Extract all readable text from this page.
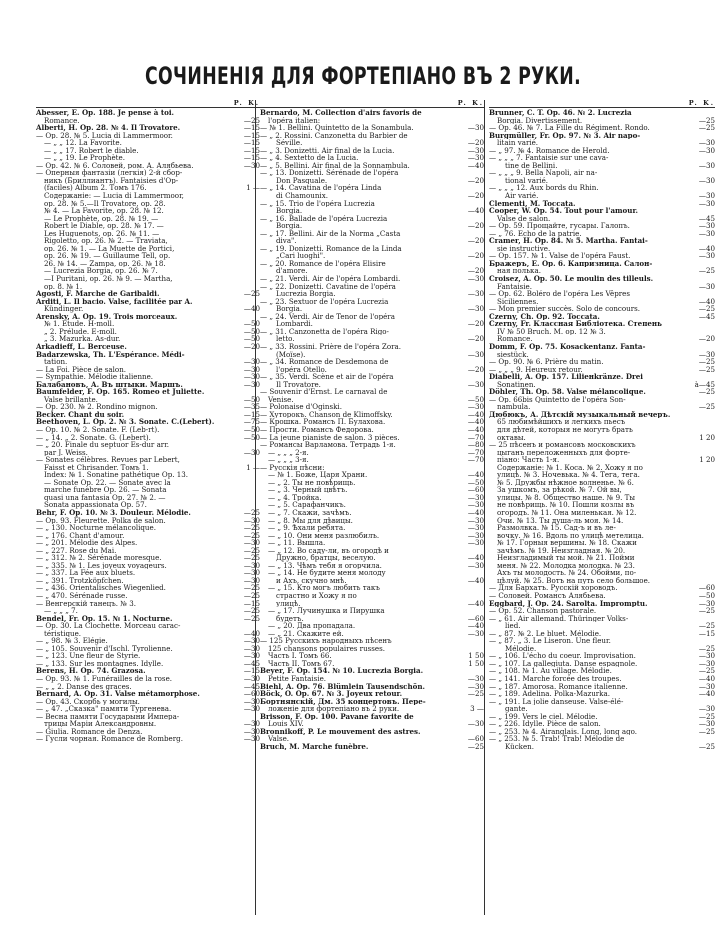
СОЧИНЕНІЯ ДЛЯ ФОРТЕПІАНО ВЪ 2 РУКИ.
P. K.
Abesser, E. Op. 188. Je pense à toi.
Romance.	—25
Alberti, H. Op. 28. № 4. Il Trovatore.	—15
— Op. 28. № 5. Lucia di Lammermoor.	—15
— „ „ 12. La Favorite.	—15
— „ „ 17. Robert le diable.	—15
— „ „ 19. Le Prophète.	—15
— Op. 42. № 6. Соловей, ром. А. Алябьева.	—30
— Оперныя фантазіи (легкія) 2-й сбор-
никъ (Бриллиантъ). Fantaisies d'Op-
(faciles) Album 2. Томъ 176.	1 —
Содержаніе: — Lucia di Lammermoor,
op. 28. № 5.—Il Trovatore, op. 28.
№ 4. — La Favorite, op. 28. № 12.
— Le Prophète, op. 28. № 19. —
Robert le Diable, op. 28. № 17. —
Les Huguenots, op. 26. № 11. —
Rigoletto, op. 26. № 2. — Traviata,
op. 26. № 1. — La Muette de Portici,
op. 26. № 19. — Guillaume Tell, op.
26. № 14. — Zampa, op. 26. № 18.
— Lucrezia Borgia, op. 26. № 7.
—I Puritani, op. 26. № 9. — Martha,
op. 8. № 1.
Agosti, F. Marche de Garibaldi.	—25
Arditi, L. Il bacio. Valse, facilitée par A.
Kündinger.	—40
Arensky, A. Op. 19. Trois morceaux.
№ 1. Étude. H-moll.	—50
„ 2. Prélude. E-moll.	—50
„ 3. Mazurka. As-dur.	—50
Arkadieff, L. Berceuse.	—20
Badarzewska, Th. L'Espérance. Médi-
tation.	—30
— La Foi. Pièce de salon.	—30
— Sympathie. Mélodie italienne.	—30
Балабановъ, А. Въ штыки. Маршъ.	—30
Baumfelder, F. Op. 165. Romeo et Juliette.
Valse brillante.	—50
— Op. 230. № 2. Rondino mignon.	—35
Becker. Chant du soir.	—15
Beethoven, L. Op. 2. № 3. Sonate. C.(Lebert).	—75
— Op. 10. № 2. Sonate. F. (Leb-rt).	—50
— „ 14. „ 2. Sonate. G. (Lebert).	—50
— „ 20. Finale du septuor Es-dur arr.
par J. Weiss.	—30
— Sonates célèbres. Revues par Lebert,
Faisst et Chrisander. Томъ 1.	1 —
Index: № 1. Sonatine pathétique Op. 13.
— Sonate Op. 22. — Sonate avec la
marche funèbre Op. 26. — Sonata
quasi una fantasia Op. 27. № 2. —
Sonata appassionata Op. 57.
Behr, F. Op. 10. № 3. Douleur. Mélodie.	—25
— Op. 93. Fleurette. Polka de salon.	—30
— „ 130. Nocturne mélancolique.	—25
— „ 176. Chant d'amour.	—25
— „ 201. Mélodie des Alpes.	—30
— „ 227. Rose du Mai.	—25
— „ 312. № 2. Sérénade moresque.	—25
— „ 335. № 1. Les joyeux voyageurs.	—30
— „ 337. La Fée aux bluets.	—30
— „ 391. Trotzköpfchen.	—30
— „ 436. Orientalisches Wiegenlied.	—25
— „ 470. Sérénade russe.	—25
— Венгерскій танецъ. № 3.	—15
— „ „ „ 7.	—25
Bendel, Fr. Op. 15. № 1. Nocturne.	—25
— Op. 30. La Clochette. Morceau carac-
téristique.	—40
— „ 98. № 3. Élégie.	—30
— „ 105. Souvenir d'Ischl. Tyrolienne.	—30
— „ 123. Une fleur de Styrie.	—30
— „ 133. Sur les montagnes. Idylle.	—45
Berens, H. Op. 74. Grazosa.	—15
— Op. 93. № 1. Funérailles de la rose.	—30
— „ „ 2. Danse des graces.	—45
Bernard, A. Op. 31. Valse métamorphose.	—60
— Op. 43. Скорбь у могилы.	—30
— „ 47. „Сказка" памяти Тургенева.	—30
— Весна памяти Государыни Импера-
трицы Маріи Александровны.	—30
— Giulia. Romance de Denza.	—30
— Гусли чорная. Romance de Romberg.	—30
P. K.
Bernardo, M. Collection d'airs favoris de
l'opéra italien:
— № 1. Bellini. Quintetto de la Sonambula.	—30
— „ 2. Rossini. Canzonetta du Barbier de
Séville.	—20
— „ 3. Donizetti. Air final de la Lucia.	—30
— „ 4. Sextetto de la Lucia.	—30
— „ 5. Bellini. Air final de la Sonnambula.	—40
— „ 13. Donizetti. Sérénade de l'opéra
Don Pasquale.	—20
— „ 14. Cavatina de l'opéra Linda
di Chamounix.	—20
— „ 15. Trio de l'opéra Lucrezia
Borgia.	—40
— „ 16. Ballade de l'opéra Lucrezia
Borgia.	—20
— „ 17. Bellini. Air de la Norma „Casta
diva".	—20
— „ 19. Donizetti. Romance de la Linda
„Cari luoghi".	—20
— „ 20. Romance de l'opéra Elisire
d'amore.	—20
— „ 21. Verdi. Air de l'opéra Lombardi.	—30
— „ 22. Donizetti. Cavatine de l'opéra
Lucrezia Borgia.	—30
— „ 23. Sextuor de l'opéra Lucrezia
Borgia.	—30
— „ 24. Verdi. Air de Tenor de l'opéra
Lombardi.	—20
— „ 31. Canzonetta de l'opéra Rigo-
letto.	—20
— „ 33. Rossini. Prière de l'opéra Zora.
(Moïse).	—30
— „ 34. Romance de Desdemona de
l'opéra Otello.	—20
— „ 35. Verdi. Scène et air de l'opéra
Il Trovatore.	—30
— Souvenir d'Ernst. Le carnaval de
Venise.	—50
— Polonaise d'Oginski.	—30
— Хуторокъ. Chanson de Klimoffsky.	—40
— Крошка. Романсъ П. Булахова.	—40
— Прости. Романсъ Федорова.	—40
— La jeune pianiste de salon. 3 pièces.	—70
— Романсы Варламова. Тетрадь 1-я.	—80
— „ „ „ 2-я.	—70
— „ „ „ 3-я.	—70
— Русскія пѣсни:
— № 1. Боже, Царя Храни.	—40
— „ 2. Ты не повѣрищь.	—50
— „ 3. Черный цвѣтъ.	—60
— „ 4. Тройка.	—30
— „ 5. Сарафанчикъ.	—30
— „ 7. Скажи, зачѣмъ.	—40
— „ 8. Мы для дѣвицы.	—30
— „ 9. Ѣхали ребята.	—30
— „ 10. Они меня разлюбилъ.	—30
— „ 11. Вышла.	—30
— „ 12. Во саду-ли, въ огородѣ и
Дружно, братцы, веселую.	—40
— „ 13. Чѣмъ тебя я огорчила.	—30
— „ 14. Не будите меня молоду
и Ахъ, скучно мнѣ.	—40
— „ 15. Кто могъ любить такъ
страстно и Хожу я по
улицѣ.	—40
— „ 17. Лучинушка и Пирушка
будетъ.	—60
— „ 20. Два пропадала.	—40
— „ 21. Скажите ей.	—30
— 125 Русскихъ народныхъ пѣсенъ
125 chansons populaires russes.
Часть I. Томъ 66.	1 50
Часть II. Томъ 67.	1 50
Beyer, F. Op. 154. № 10. Lucrezia Borgia.
Petite Fantaisie.	—30
Biehl, A. Op. 76. Blümlein Tausendschön.	—30
Böck, O. Op. 67. № 3. Joyeux retour.	—25
Бортнянскій, Дм. 35 концертовъ. Пере-
ложеніе для фортепіано въ 2 руки.	3 —
Brisson, F. Op. 100. Pavane favorite de
Louis XIV.	—30
Bronnikoff, P. Le mouvement des astres.
Valse.	—60
Bruch, M. Marche funèbre.	—25
P. K.
Brunner, C. T. Op. 46. № 2. Lucrezia
Borgia. Divertissement.	—25
— Op. 46. № 7. La Fille du Régiment. Rondo.	—25
Burgmüller, Fr. Op. 97. № 3. Air napo-
litain varié.	—30
— „ 97. № 4. Romance de Herold.	—30
— „ „ „ 7. Fantaisie sur une cava-
tine de Bellini.	—30
— „ „ „ 9. Bella Napoli, air na-
tional varié.	—30
— „ „ „ 12. Aux bords du Rhin.
Air varié.	—30
Clementi, M. Toccata.	—30
Cooper, W. Op. 54. Tout pour l'amour.
Valse de salon.	—45
— Op. 59. Прощайте, гусары. Галопъ.	—30
— „ 76. Écho de la patrie.	—30
Cramer, H. Op. 84. № 5. Martha. Fantai-
sie instructive.	—40
— Op. 157. № 1. Valse de l'opéra Faust.	—30
Бражеръ, Е. Op. 6. Капризница. Салон-
ная полька.	—25
Croisez, A. Op. 50. Le moulin des tilleuls.
Fantaisie.	—30
— Op. 62. Boléro de l'opéra Les Vêpres
Siciliennes.	—40
— Mon premier succès. Solo de concours.	—25
Czerny, Ch. Op. 92. Toccata.	—45
Czerny, Fr. Классная Библіотека. Степень
IV № 50 Bruch. M. op. 12 № 3.
Romance.	—20
Domm, F. Op. 75. Kosackentanz. Fanta-
siestück.	—30
— Op. 90. № 6. Prière du matin.	—25
— „ „ „ 9. Heureux retour.	—25
Diabelli, A. Op. 157. Liliенkränze. Drei
Sonatinen.	à—45
Döhler, Th. Op. 58. Valse mélancolique.	—25
— Op. 66bis Quintetto de l'opéra Son-
nambula.	—25
Дюбюкъ, А. Дѣтскій музыкальный вечеръ.
65 любимѣйшихъ и легкихъ пьесъ
для дѣтей, которыя не могутъ брать
октавы.	1 20
— 25 пѣсенъ и романсовъ московскихъ
цыганъ переложенныхъ для форте-
піано: Часть 1-я.	1 20
Содержаніе: № 1. Коса. № 2. Хожу я по
улицѣ. № 3. Ночевька. № 4. Тега, тега.
№ 5. Дружбы нѣжное волненье. № 6.
За ушкомъ, за рѣкой. № 7. Ой вы,
улицы. № 8. Общество наше. № 9. Ты
не повѣрищь. № 10. Пошли козлы въ
огородъ. № 11. Она миленькая. № 12.
Очи. № 13. Ты душа-ль моя. № 14.
Размолвка. № 15. Сад-ъ и въ ле-
вочку. № 16. Вдоль по улицѣ метелица.
№ 17. Горныя вершины. № 18. Скажи
зачѣмъ. № 19. Неизгладная. № 20.
Неизгладимый ты мой. № 21. Пойми
меня. № 22. Молодка молодка. № 23.
Ахъ ты молодость. № 24. Обойми, по-
цѣлуй. № 25. Вотъ на путь село большое.
— Для Бархатъ. Русскій хороводъ.	—60
— Соловей. Романсъ Алябьева.	—50
Eggbard, J. Op. 24. Sarolta. Impromptu.	—30
— Op. 52. Chanson pastorale.	—25
— „ 61. Air allemand. Thüringer Volks-
lied.	—25
— „ 87. № 2. Le bluet. Mélodie.	—15
— „ 87. „ 3. Le Liseron. Une fleur.
Mélodie.	—25
— „ 106. L'écho du coeur. Improvisation.	—30
— „ 107. La gallegiuta. Danse espagnole.	—30
— „ 108. № 1. Au village. Mélodie.	—25
— „ 141. Marche forcée des troupes.	—40
— „ 187. Amorosa. Romance italienne.	—30
— „ 189. Adelina. Polka-Mazurka.	—40
— „ 191. La jolie danseuse. Valse-élé-
gante.	—30
— „ 199. Vers le ciel. Mélodie.	—25
— „ 226. Idylle. Pièce de salon.	—30
— „ 253. № 4. Airanglais. Long, long ago.	—25
— „ 253. № 5. Trab! Trab! Mélodie de
Kücken.	—25
